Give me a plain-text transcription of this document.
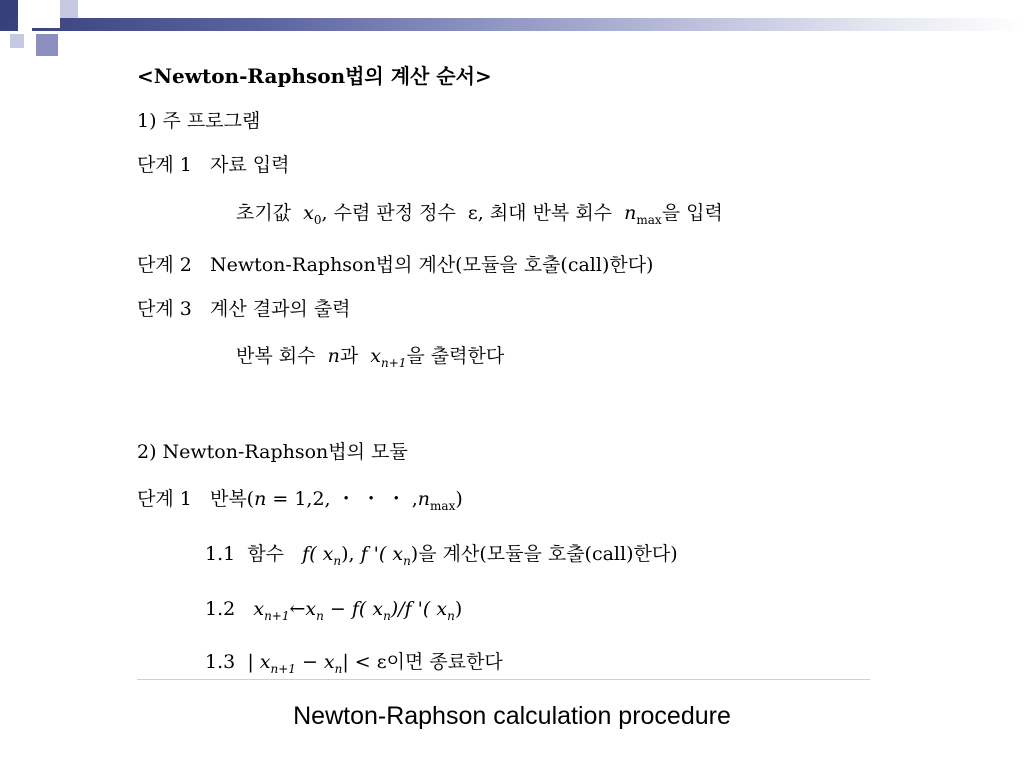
<Newton-Raphson법의 계산 순서>
1) 주 프로그램
단계 1 자료 입력
초기값 $x_0$, 수렴 판정 정수 ε, 최대 반복 회수 $n_{max}$을 입력
단계 2 Newton-Raphson법의 계산(모듈을 호출(call)한다)
단계 3 계산 결과의 출력
반복 회수 n과 $x_{n+1}$을 출력한다
2) Newton-Raphson법의 모듈
단계 1 반복(n = 1,2, ・ ・ ・ $,n_{max}$)
1.1 함수 f( $x_n$), f '( $x_n$)을 계산(모듈을 호출(call)한다)
1.2 $x_{n+1}\leftarrow x_n - f$( $x_n)/f$ '( $x_n$)
1.3 | $x_{n+1} - x_n| < \varepsilon$이면 종료한다
Newton-Raphson calculation procedure
